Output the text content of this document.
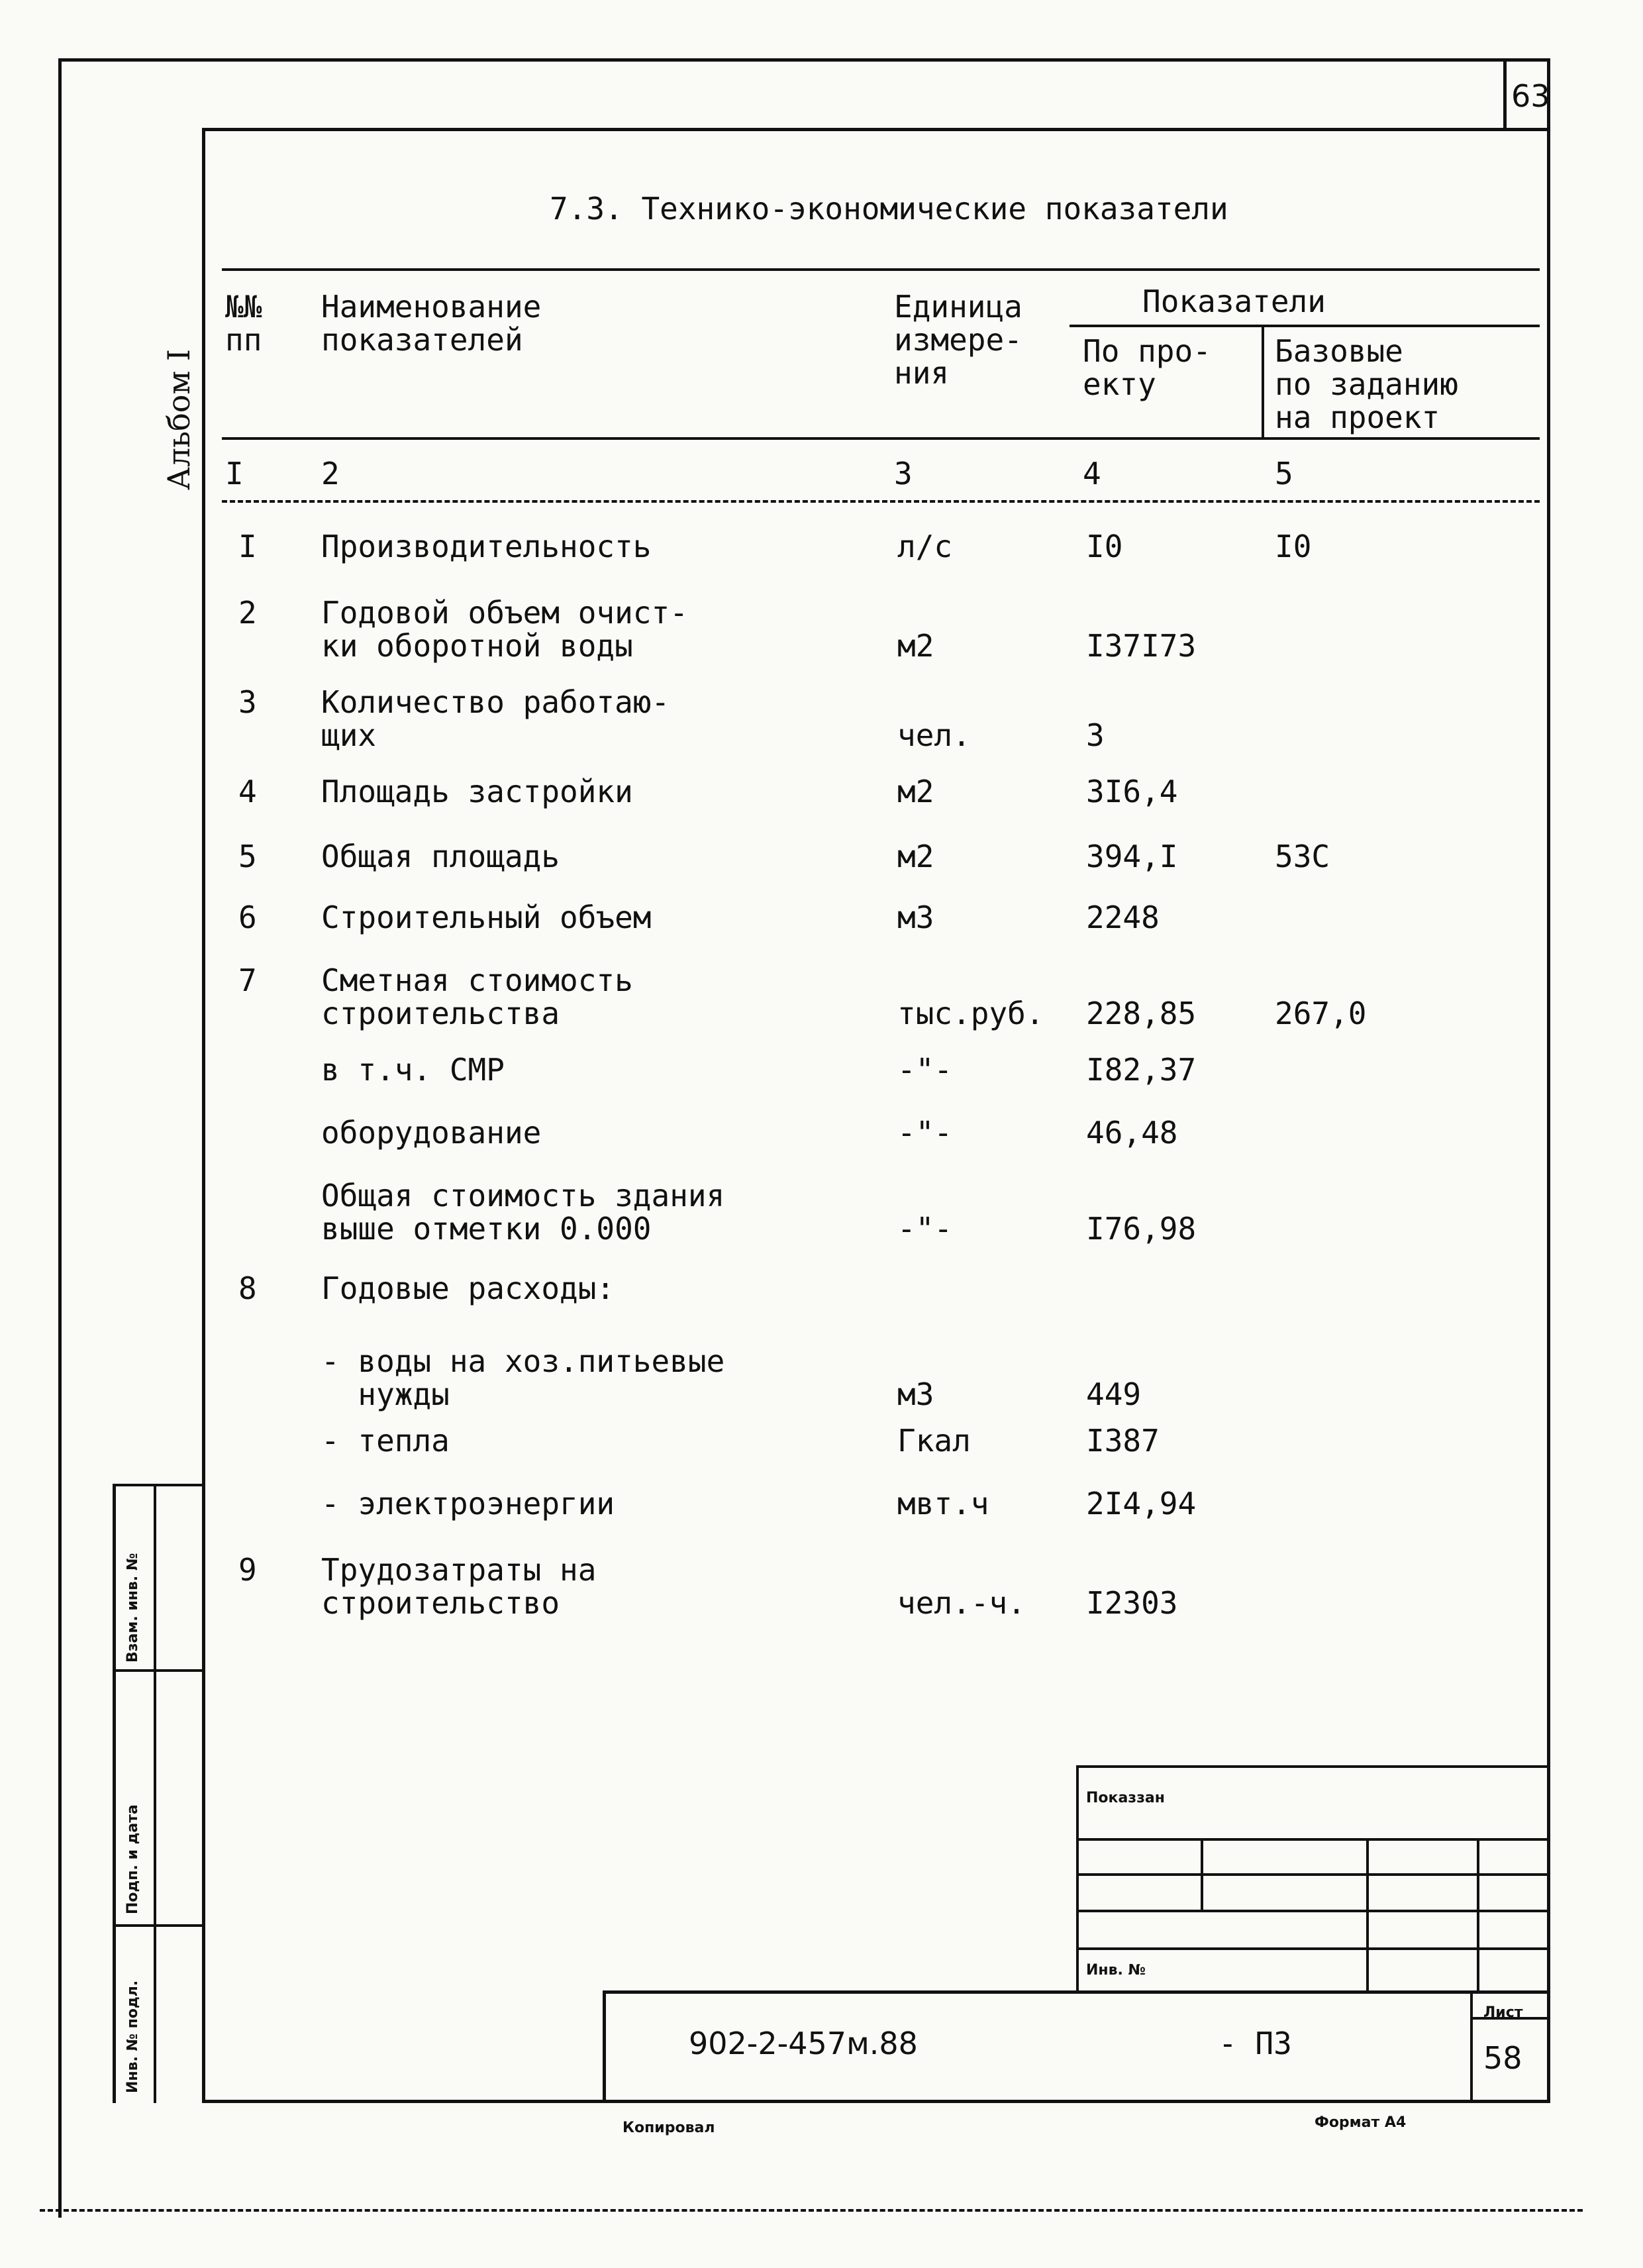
63
Альбом I
7.3. Технико-экономические показатели
№№
пп
Наименование
показателей
Единица
измере-
ния
Показатели
По про-
екту
Базовые
по заданию
на проект
I	2	3	4	5
I Производительность	л/с	I0	I0
2 Годовой объем очист-
ки оборотной воды	м2	I37I73
3 Количество работаю-
щих	чел.	3
4 Площадь застройки	м2	3I6,4
5 Общая площадь	м2	394,I	53С
6 Строительный объем	м3	2248
7 Сметная стоимость
строительства	тыс.руб. 228,85	267,0
в т.ч. СМР	-"-	I82,37
оборудование	-"-	46,48
Общая стоимость здания
выше отметки 0.000	-"-	I76,98
8 Годовые расходы:
- воды на хоз.питьевые
нужды	м3	449
- тепла	Гкал	I387
- электроэнергии	мвт.ч	2I4,94
9 Трудозатраты на
строительство	чел.-ч. I2303
Взам. инв. №
Подп. и дата
Инв. № подл.
Показзан
Инв. №
902-2-457м.88	- ПЗ
Лист
58
Копировал	Формат А4
